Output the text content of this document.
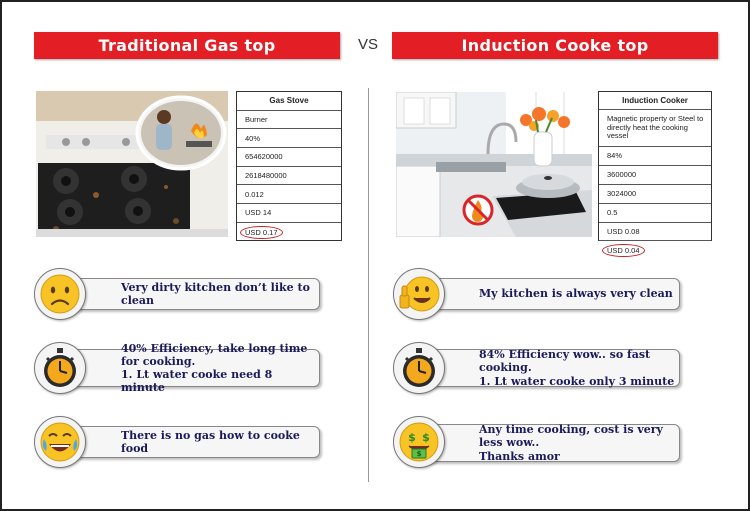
Traditional Gas top	VS	Induction Cooke top
Gas Stove
Burner
40%
654620000
2618480000
0.012
USD 14
USD 0.17
Induction Cooker
Magnetic property or Steel to directly heat the cooking vessel
84%
3600000
3024000
0.5
USD 0.08
USD 0.04
Very dirty kitchen don’t like to clean
40% Efficiency, take long time for cooking.
1. Lt water cooke need 8 minute
There is no gas how to cooke food
My kitchen is always very clean
84% Efficiency wow.. so fast cooking.
1. Lt water cooke only 3 minute
Any time cooking, cost is very less wow..
Thanks amor
$ $
$
